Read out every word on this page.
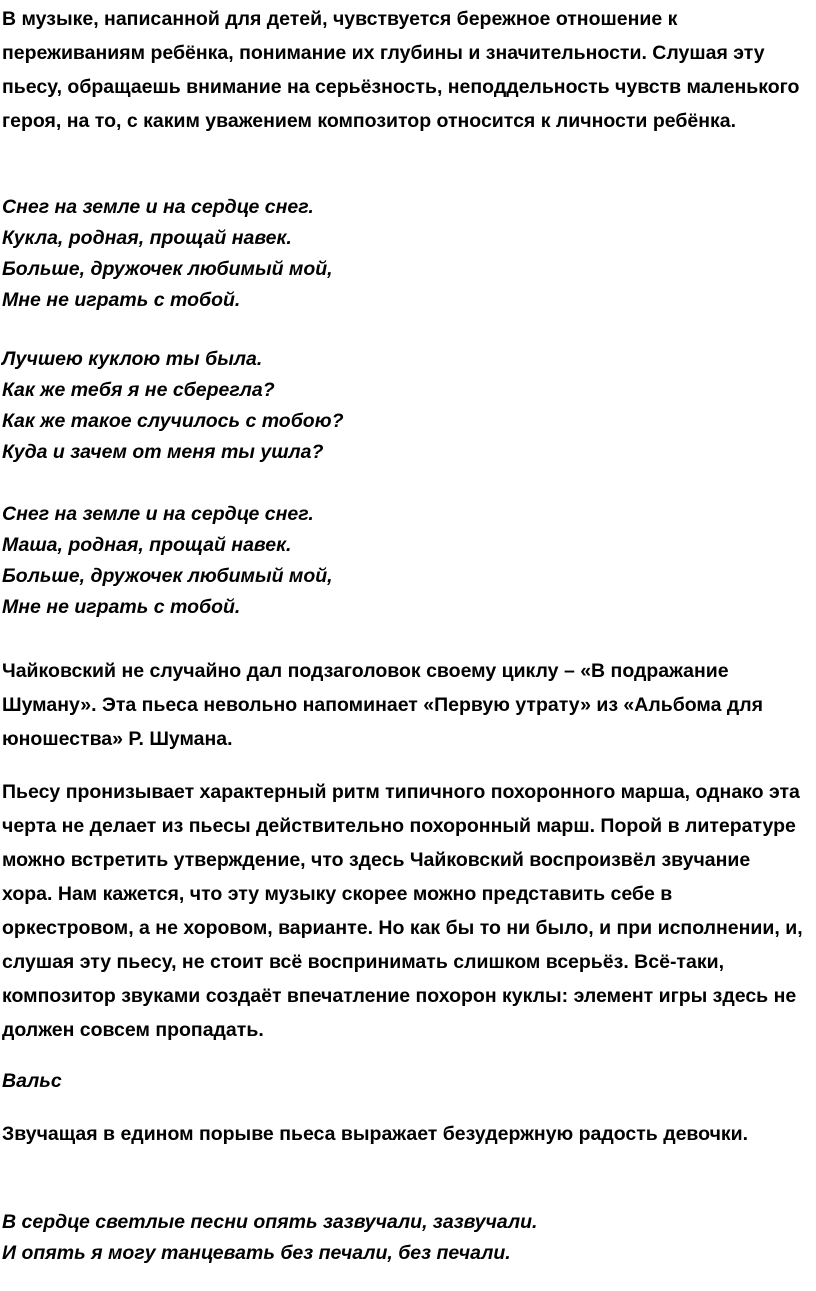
В музыке, написанной для детей, чувствуется бережное отношение к переживаниям ребёнка, понимание их глубины и значительности. Слушая эту пьесу, обращаешь внимание на серьёзность, неподдельность чувств маленького героя, на то, с каким уважением композитор относится к личности ребёнка.

Снег на земле и на сердце снег.
Кукла, родная, прощай навек.
Больше, дружочек любимый мой,
Мне не играть с тобой.
Лучшею куклою ты была.
Как же тебя я не сберегла?
Как же такое случилось с тобою?
Куда и зачем от меня ты ушла?
Снег на земле и на сердце снег.
Маша, родная, прощай навек.
Больше, дружочек любимый мой,
Мне не играть с тобой.

Чайковский не случайно дал подзаголовок своему циклу – «В подражание Шуману». Эта пьеса невольно напоминает «Первую утрату» из «Альбома для юношества» Р. Шумана.

Пьесу пронизывает характерный ритм типичного похоронного марша, однако эта черта не делает из пьесы действительно похоронный марш. Порой в литературе можно встретить утверждение, что здесь Чайковский воспроизвёл звучание хора. Нам кажется, что эту музыку скорее можно представить себе в оркестровом, а не хоровом, варианте. Но как бы то ни было, и при исполнении, и, слушая эту пьесу, не стоит всё воспринимать слишком всерьёз. Всё-таки, композитор звуками создаёт впечатление похорон куклы: элемент игры здесь не должен совсем пропадать.

Вальс

Звучащая в едином порыве пьеса выражает безудержную радость девочки.

В сердце светлые песни опять зазвучали, зазвучали.
И опять я могу танцевать без печали, без печали.
